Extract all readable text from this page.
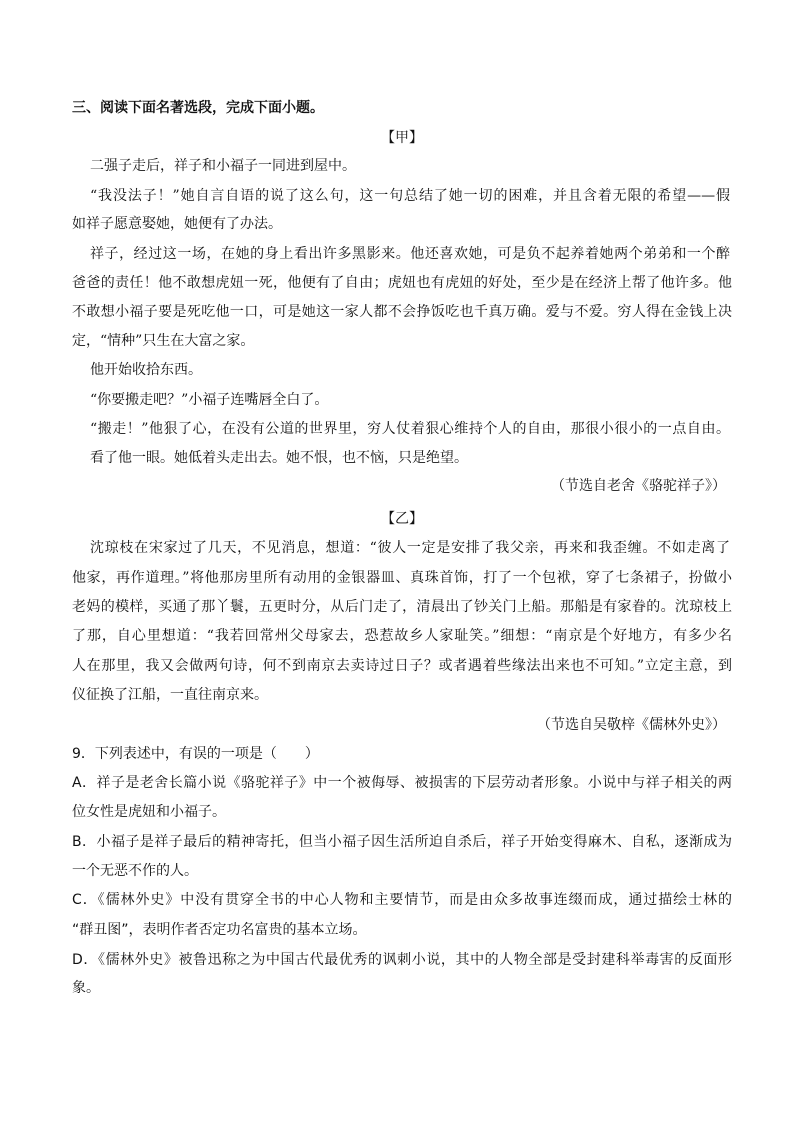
三、阅读下面名著选段，完成下面小题。
【甲】
二强子走后，祥子和小福子一同进到屋中。
“我没法子！”她自言自语的说了这么句，这一句总结了她一切的困难，并且含着无限的希望——假
如祥子愿意娶她，她便有了办法。
祥子，经过这一场，在她的身上看出许多黑影来。他还喜欢她，可是负不起养着她两个弟弟和一个醉
爸爸的责任！他不敢想虎妞一死，他便有了自由；虎妞也有虎妞的好处，至少是在经济上帮了他许多。他
不敢想小福子要是死吃他一口，可是她这一家人都不会挣饭吃也千真万确。爱与不爱。穷人得在金钱上决
定，“情种”只生在大富之家。
他开始收拾东西。
“你要搬走吧？”小福子连嘴唇全白了。
“搬走！”他狠了心，在没有公道的世界里，穷人仗着狠心维持个人的自由，那很小很小的一点自由。
看了他一眼。她低着头走出去。她不恨，也不恼，只是绝望。
（节选自老舍《骆驼祥子》）
【乙】
沈琼枝在宋家过了几天，不见消息，想道：“彼人一定是安排了我父亲，再来和我歪缠。不如走离了
他家，再作道理。”将他那房里所有动用的金银器皿、真珠首饰，打了一个包袱，穿了七条裙子，扮做小
老妈的模样，买通了那丫鬟，五更时分，从后门走了，清晨出了钞关门上船。那船是有家眷的。沈琼枝上
了那，自心里想道：“我若回常州父母家去，恐惹故乡人家耻笑。”细想：“南京是个好地方，有多少名
人在那里，我又会做两句诗，何不到南京去卖诗过日子？或者遇着些缘法出来也不可知。”立定主意，到
仪征换了江船，一直往南京来。
（节选自吴敬梓《儒林外史》）
9．下列表述中，有误的一项是（　　）
A．祥子是老舍长篇小说《骆驼祥子》中一个被侮辱、被损害的下层劳动者形象。小说中与祥子相关的两
位女性是虎妞和小福子。
B．小福子是祥子最后的精神寄托，但当小福子因生活所迫自杀后，祥子开始变得麻木、自私，逐渐成为
一个无恶不作的人。
C．《儒林外史》中没有贯穿全书的中心人物和主要情节，而是由众多故事连缀而成，通过描绘士林的
“群丑图”，表明作者否定功名富贵的基本立场。
D．《儒林外史》被鲁迅称之为中国古代最优秀的讽刺小说，其中的人物全部是受封建科举毒害的反面形
象。
